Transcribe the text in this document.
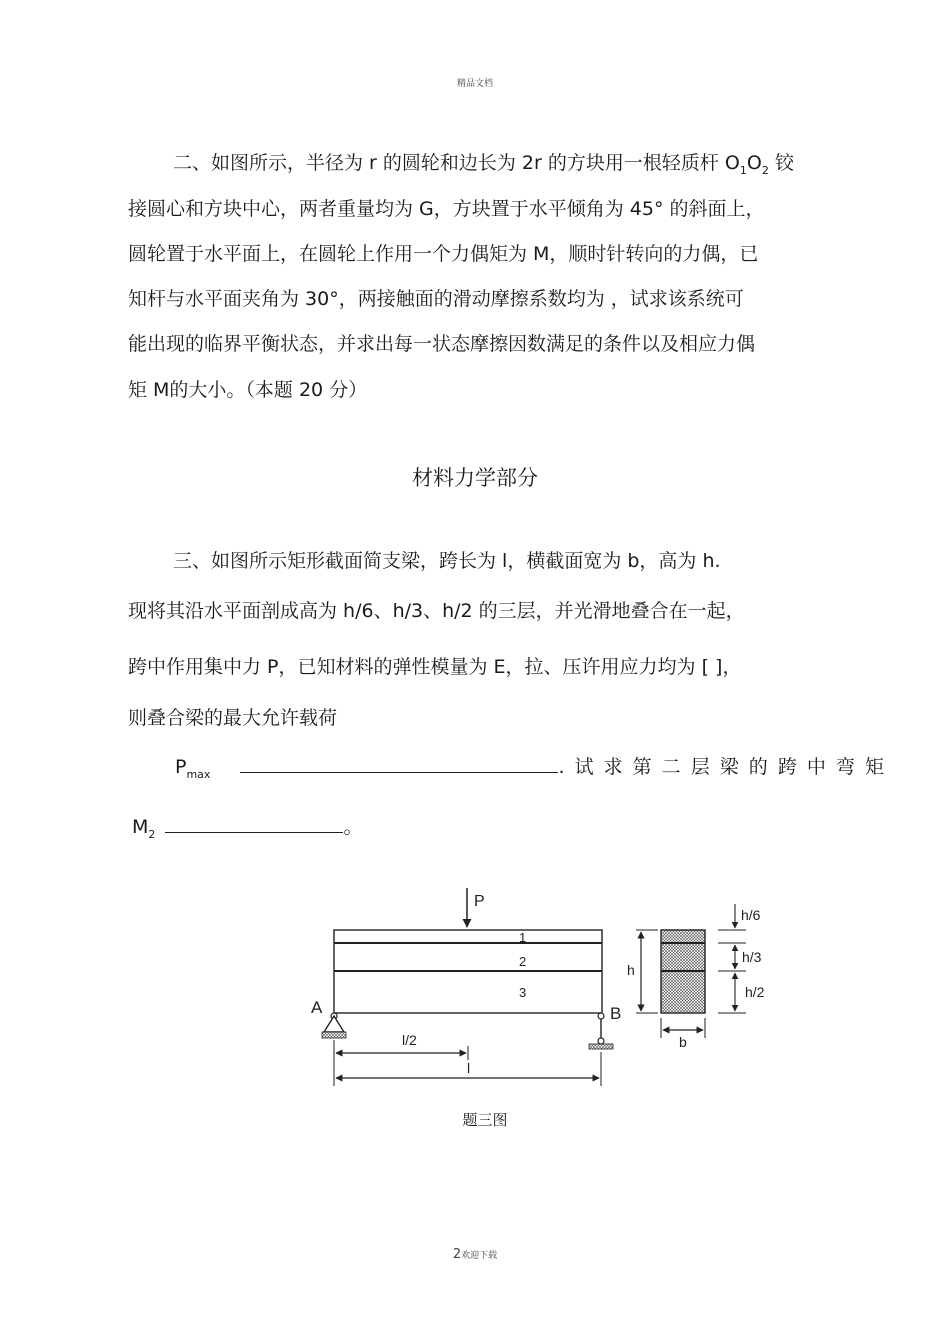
精品文档
二、如图所示，半径为 r 的圆轮和边长为 2r 的方块用一根轻质杆 $O_1O_2$ 铰
接圆心和方块中心，两者重量均为 G，方块置于水平倾角为 45° 的斜面上，
圆轮置于水平面上，在圆轮上作用一个力偶矩为 M，顺时针转向的力偶，已
知杆与水平面夹角为 30°，两接触面的滑动摩擦系数均为 ，试求该系统可
能出现的临界平衡状态，并求出每一状态摩擦因数满足的条件以及相应力偶
矩 M的大小。（本题 20 分）
材料力学部分
三、如图所示矩形截面简支梁，跨长为 l，横截面宽为 b，高为 h.
现将其沿水平面剖成高为 h/6、h/3、h/2 的三层，并光滑地叠合在一起，
跨中作用集中力 P，已知材料的弹性模量为 E，拉、压许用应力均为 [ ]，
则叠合梁的最大允许载荷
$P_{max}$	. 试 求 第 二 层 梁 的 跨 中 弯 矩
$M_2$	。
P
1
2
3
A	B
l/2
l
h
b
h/6
h/3
h/2
题三图
2欢迎下载
